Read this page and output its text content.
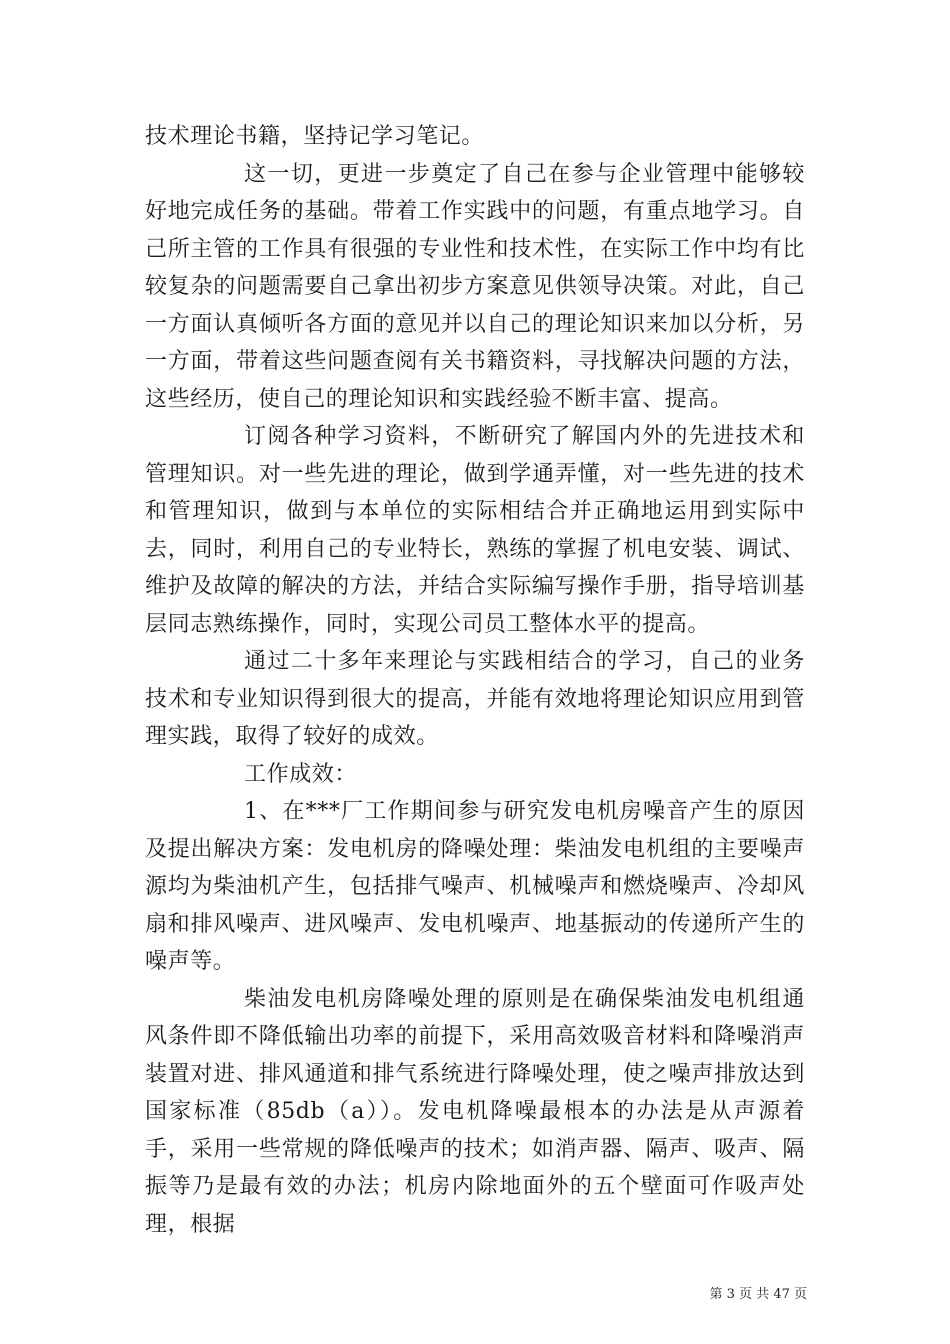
技术理论书籍，坚持记学习笔记。

这一切，更进一步奠定了自己在参与企业管理中能够较好地完成任务的基础。带着工作实践中的问题，有重点地学习。自己所主管的工作具有很强的专业性和技术性，在实际工作中均有比较复杂的问题需要自己拿出初步方案意见供领导决策。对此，自己一方面认真倾听各方面的意见并以自己的理论知识来加以分析，另一方面，带着这些问题查阅有关书籍资料，寻找解决问题的方法，这些经历，使自己的理论知识和实践经验不断丰富、提高。

订阅各种学习资料，不断研究了解国内外的先进技术和管理知识。对一些先进的理论，做到学通弄懂，对一些先进的技术和管理知识，做到与本单位的实际相结合并正确地运用到实际中去，同时，利用自己的专业特长，熟练的掌握了机电安装、调试、维护及故障的解决的方法，并结合实际编写操作手册，指导培训基层同志熟练操作，同时，实现公司员工整体水平的提高。

通过二十多年来理论与实践相结合的学习，自己的业务技术和专业知识得到很大的提高，并能有效地将理论知识应用到管理实践，取得了较好的成效。

工作成效：

1、在***厂工作期间参与研究发电机房噪音产生的原因及提出解决方案：发电机房的降噪处理：柴油发电机组的主要噪声源均为柴油机产生，包括排气噪声、机械噪声和燃烧噪声、冷却风扇和排风噪声、进风噪声、发电机噪声、地基振动的传递所产生的噪声等。

柴油发电机房降噪处理的原则是在确保柴油发电机组通风条件即不降低输出功率的前提下，采用高效吸音材料和降噪消声装置对进、排风通道和排气系统进行降噪处理，使之噪声排放达到国家标准（85db（a））。发电机降噪最根本的办法是从声源着手，采用一些常规的降低噪声的技术；如消声器、隔声、吸声、隔振等乃是最有效的办法；机房内除地面外的五个壁面可作吸声处理，根据

第 3 页 共 47 页
